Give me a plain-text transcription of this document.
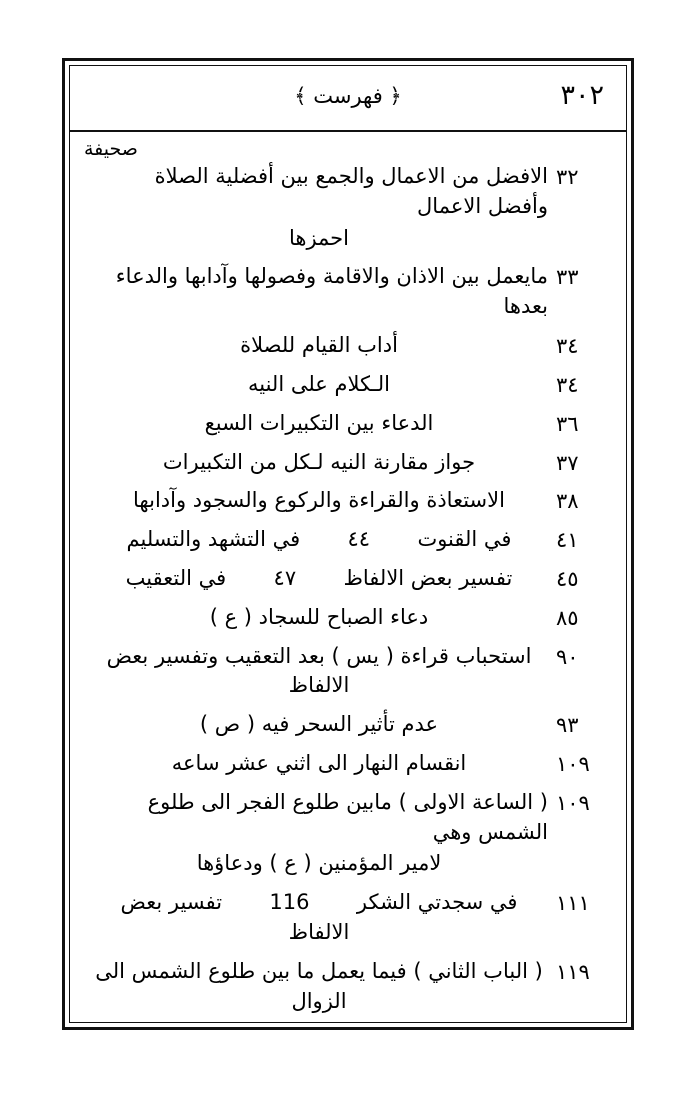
٣٠٢
﴿ فهرست ﴾
صحيفة
٣٢
الافضل من الاعمال والجمع بين أفضلية الصلاة وأفضل الاعمال
احمزها
٣٣
مايعمل بين الاذان والاقامة وفصولها وآدابها والدعاء بعدها
٣٤
أداب القيام للصلاة
٣٤
الـكلام على النيه
٣٦
الدعاء بين التكبيرات السبع
٣٧
جواز مقارنة النيه لـكل من التكبيرات
٣٨
الاستعاذة والقراءة والركوع والسجود وآدابها
٤١
في القنوت  ٤٤  في التشهد والتسليم
٤٥
تفسير بعض الالفاظ  ٤٧  في التعقيب
٨٥
دعاء الصباح للسجاد ( ع )
٩٠
استحباب قراءة ( يس ) بعد التعقيب وتفسير بعض الالفاظ
٩٣
عدم تأثير السحر فيه ( ص )
١٠٩
انقسام النهار الى اثني عشر ساعه
١٠٩
( الساعة الاولى ) مابين طلوع الفجر الى طلوع الشمس وهي
لامير المؤمنين ( ع ) ودعاؤها
١١١
في سجدتي الشكر  116  تفسير بعض الالفاظ
١١٩
( الباب الثاني ) فيما يعمل ما بين طلوع الشمس الى الزوال
